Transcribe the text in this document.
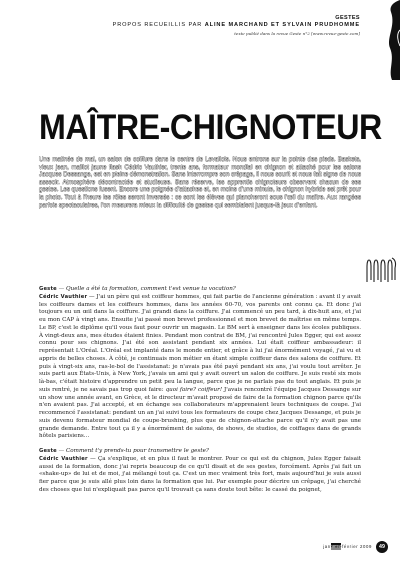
GESTES
PROPOS RECUEILLIS PAR ALINE MARCHAND ET SYLVAIN PRUDHOMME
texte publié dans la revue Geste n°2 [www.revue-geste.com]
MAÎTRE-CHIGNOTEUR
Une matinée de mai, un salon de coiffure dans le centre de Levallois. Nous entrons sur la pointe des pieds. Baskets, vieux jean, maillot jaune flash Cédric Vauthier, trente ans, formateur mondial en chignon et attaché pour les salons Jacques Dessange, est en pleine démonstration. Sans interrompre son crêpage, il nous sourit et nous fait signe de nous asseoir. Atmosphère décontractée et studieuse. Sans réserve, les apprentis chignoteurs observent chacun de ses gestes. Les questions fusent. Encore une poignée d'attaches et, en moins d'une minute, le chignon hybride est prêt pour la photo. Tout à l'heure les rôles seront inversés : ce sont les élèves qui plancheront sous l'œil du maître. Aux rangées parfois spectaculaires, l'on mesurera mieux la difficulté de gestes qui semblaient jusque-là jeux d'enfant.

Geste — Quelle a été ta formation, comment t'est venue ta vocation?

Cédric Vauthier — J'ai un père qui est coiffeur hommes, qui fait partie de l'ancienne génération : avant il y avait les coiffeurs dames et les coiffeurs hommes, dans les années 60-70, vos parents ont connu ça. Et donc j'ai toujours eu un œil dans la coiffure. J'ai grandi dans la coiffure. J'ai commencé un peu tard, à dix-huit ans, et j'ai eu mon CAP à vingt ans. Ensuite j'ai passé mon brevet professionnel et mon brevet de maîtrise en même temps. Le BP, c'est le diplôme qu'il vous faut pour ouvrir un magasin. Le BM sert à enseigner dans les écoles publiques. À vingt-deux ans, mes études étaient finies. Pendant mon contrat de BM, j'ai rencontré Jules Egger, qui est assez connu pour ses chignons. J'ai été son assistant pendant six années. Lui était coiffeur ambassadeur: il représentait L'Oréal. L'Oréal est implanté dans le monde entier, et grâce à lui j'ai énormément voyagé, j'ai vu et appris de belles choses. À côté, je continuais mon métier en étant simple coiffeur dans des salons de coiffure. Et puis à vingt-six ans, ras-le-bol de l'assistanat: je n'avais pas été payé pendant six ans, j'ai voulu tout arrêter. Je suis parti aux États-Unis, à New York, j'avais un ami qui y avait ouvert un salon de coiffure. Je suis resté six mois là-bas, c'était histoire d'apprendre un petit peu la langue, parce que je ne parlais pas du tout anglais. Et puis je suis rentré, je ne savais pas trop quoi faire: quoi faire? coiffeur! J'avais rencontré l'équipe Jacques Dessange sur un show une année avant, en Grèce, et le directeur m'avait proposé de faire de la formation chignon parce qu'ils n'en avaient pas. J'ai accepté, et en échange ses collaborateurs m'apprenaient leurs techniques de coupe. J'ai recommencé l'assistanat: pendant un an j'ai suivi tous les formateurs de coupe chez Jacques Dessange, et puis je suis devenu formateur mondial de coupe-brushing, plus que de chignon-attache parce qu'il n'y avait pas une grande demande. Entre tout ça il y a énormément de salons, de shows, de studios, de coiffages dans de grands hôtels parisiens…

Geste — Comment t'y prends-tu pour transmettre le geste?

Cédric Vauthier — Ça s'explique, et en plus il faut le montrer. Pour ce qui est du chignon, Jules Egger faisait aussi de la formation, donc j'ai repris beaucoup de ce qu'il disait et de ses gestes, forcément. Après j'ai fait un «shake-up» de lui et de moi, j'ai mélangé tout ça. C'est un mec vraiment très fort, mais aujourd'hui je suis aussi fier parce que je suis allé plus loin dans la formation que lui. Par exemple pour décrire un crêpage, j'ai cherché des choses que lui n'expliquait pas parce qu'il trouvait ça sans doute tout bête: le cassé du poignet,

janvier-février 2009	49
